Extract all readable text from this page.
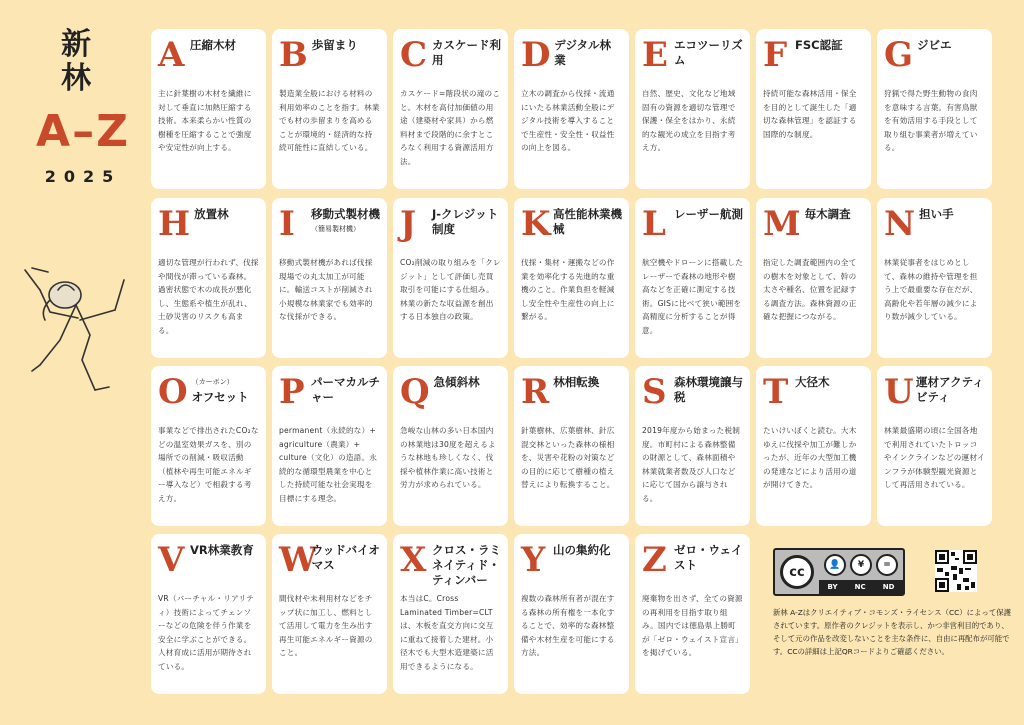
新 林
A–Z
2025
A 圧縮木材
主に針葉樹の木材を繊維に対して垂直に加熱圧縮する技術。本来柔らかい性質の樹種を圧縮することで強度や安定性が向上する。
B 歩留まり
製造業全般における材料の利用効率のことを指す。林業でも材の歩留まりを高めることが環境的・経済的な持続可能性に直結している。
C カスケード利用
カスケード=階段状の滝のこと。木材を高付加価値の用途（建築材や家具）から燃料材まで段階的に余すところなく利用する資源活用方法。
D デジタル林業
立木の調査から伐採・流通にいたる林業活動全般にデジタル技術を導入することで生産性・安全性・収益性の向上を図る。
E エコツーリズム
自然、歴史、文化など地域固有の資源を適切な管理で保護・保全をはかり、永続的な観光の成立を目指す考え方。
F FSC認証
持続可能な森林活用・保全を目的として誕生した「適切な森林管理」を認証する国際的な制度。
G ジビエ
狩猟で得た野生動物の食肉を意味する言葉。有害鳥獣を有効活用する手段として取り組む事業者が増えている。
H 放置林
適切な管理が行われず、伐採や間伐が滞っている森林。過密状態で木の成長が悪化し、生態系や植生が乱れ、土砂災害のリスクも高まる。
I	移動式製材機
（簡易製材機）
移動式製材機があれば伐採現場での丸太加工が可能に。輸送コストが削減され小規模な林業家でも効率的な伐採ができる。
J	J-クレジット制度
CO₂削減の取り組みを「クレジット」として評価し売買取引を可能にする仕組み。林業の新たな収益源を創出する日本独自の政策。
K 高性能林業機械
伐採・集材・運搬などの作業を効率化する先進的な重機のこと。作業負担を軽減し安全性や生産性の向上に繋がる。
L レーザー航測
航空機やドローンに搭載したレーザーで森林の地形や樹高などを正確に測定する技術。GISに比べて狭い範囲を高精度に分析することが得意。
M 毎木調査
指定した調査範囲内の全ての樹木を対象として、幹の太さや種名、位置を記録する調査方法。森林資源の正確な把握につながる。
N 担い手
林業従事者をはじめとして、森林の維持や管理を担う上で最重要な存在だが、高齢化や若年層の減少により数が減少している。
O （カーボン）
オフセット
事業などで排出されたCO₂などの温室効果ガスを、別の場所での削減・吸収活動（植林や再生可能エネルギー導入など）で相殺する考え方。
P パーマカルチャー
permanent（永続的な）+ agriculture（農業）+ culture（文化）の造語。永続的な循環型農業を中心とした持続可能な社会実現を目標にする理念。
Q 急傾斜林
急峻な山林の多い日本国内の林業地は30度を超えるような林地も珍しくなく、伐採や植林作業に高い技術と労力が求められている。
R 林相転換
針葉樹林、広葉樹林、針広混交林といった森林の様相を、災害や花粉の対策などの目的に応じて樹種の植え替えにより転換すること。
S 森林環境譲与税
2019年度から始まった税制度。市町村による森林整備の財源として、森林面積や林業就業者数及び人口などに応じて国から譲与される。
T 大径木
たいけいぼくと読む。大木ゆえに伐採や加工が難しかったが、近年の大型加工機の発達などにより活用の道が開けてきた。
U 運材アクティビティ
林業最盛期の頃に全国各地で利用されていたトロッコやインクラインなどの運材インフラが体験型観光資源として再活用されている。
V VR林業教育
VR（バーチャル・リアリティ）技術によってチェンソーなどの危険を伴う作業を安全に学ぶことができる。人材育成に活用が期待されている。
W
ウッドバイオマス
間伐材や未利用材などをチップ状に加工し、燃料として活用して電力を生み出す再生可能エネルギー資源のこと。
X クロス・ラミネイティド・ティンバー
本当はC。Cross Laminated Timber=CLTは、木板を直交方向に交互に重ねて接着した建材。小径木でも大型木造建築に活用できるようになる。
Y 山の集約化
複数の森林所有者が混在する森林の所有権を一本化することで、効率的な森林整備や木材生産を可能にする方法。
Z ゼロ・ウェイスト
廃棄物を出さず、全ての資源の再利用を目指す取り組み。国内では徳島県上勝町が「ゼロ・ウェイスト宣言」を掲げている。
cc	👤	¥	=
BY NC ND
新林 A-Zはクリエイティブ・コモンズ・ライセンス（CC）によって保護されています。原作者のクレジットを表示し、かつ非営利目的であり、そして元の作品を改変しないことを主な条件に、自由に再配布が可能です。CCの詳細は上記QRコードよりご確認ください。
